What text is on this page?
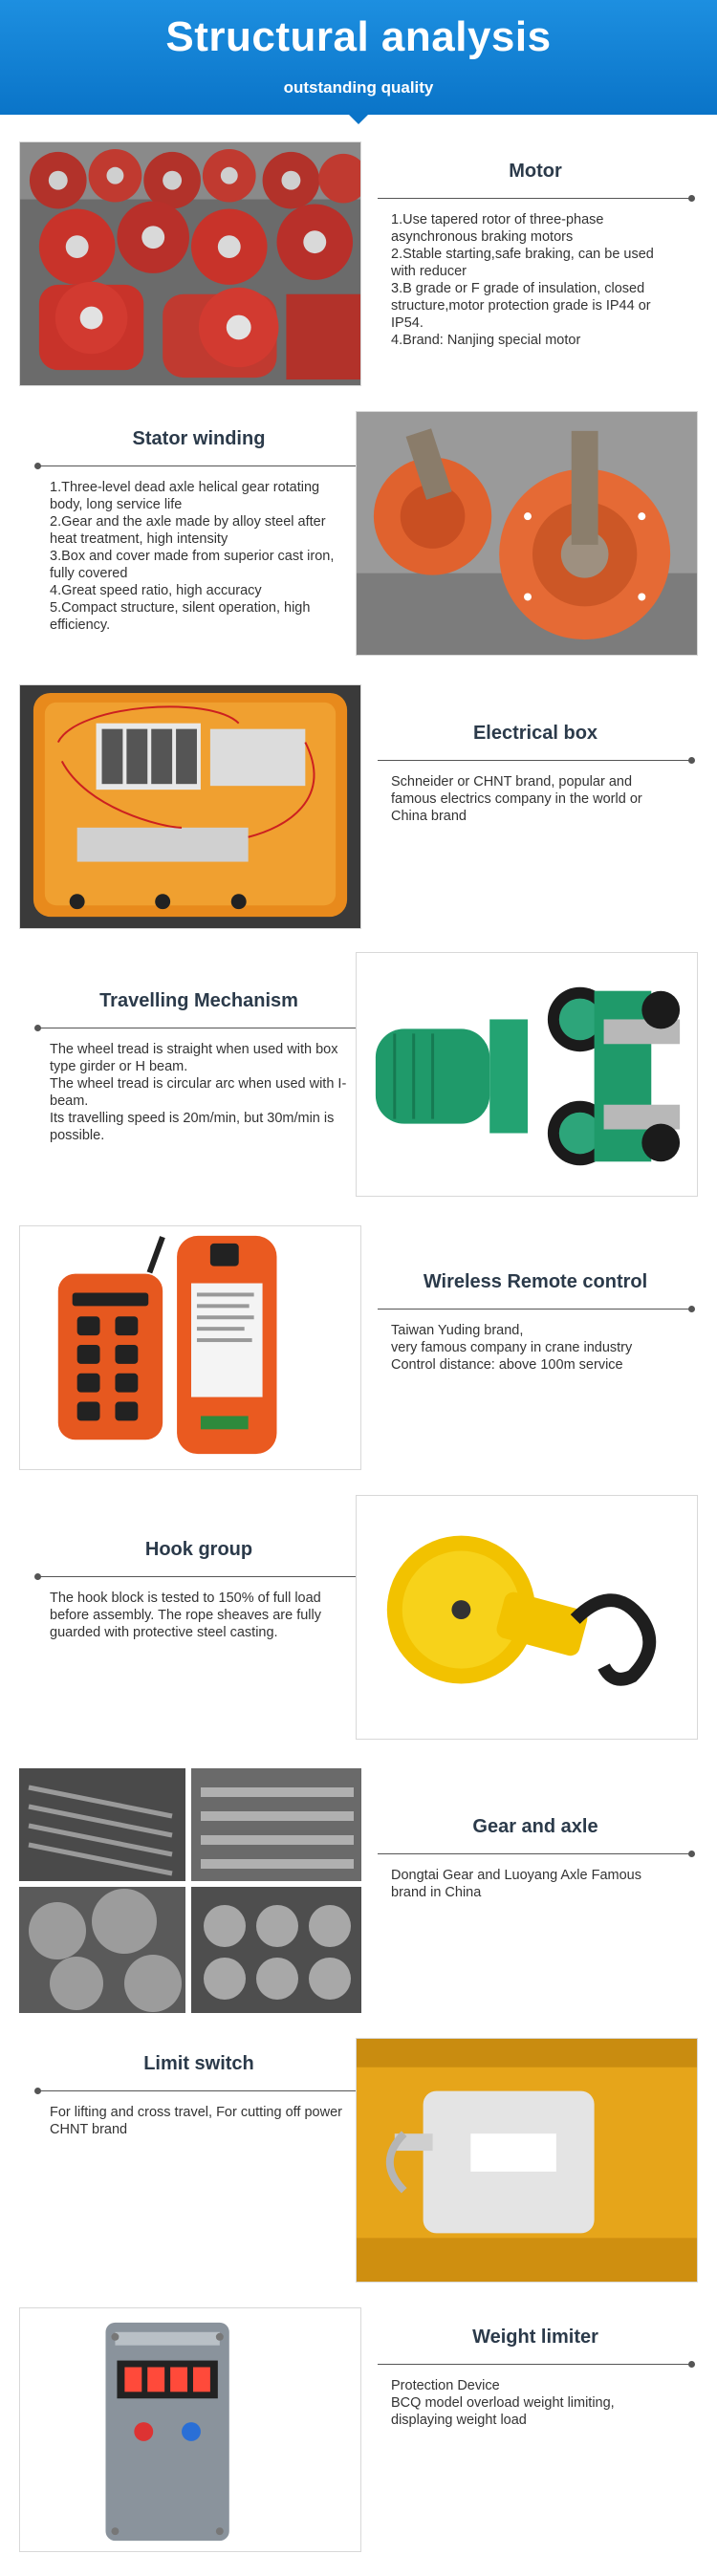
Structural analysis
outstanding quality
Motor
1.Use tapered rotor of three-phase asynchronous braking motors
2.Stable starting,safe braking, can be used with reducer
3.B grade or F grade of insulation, closed structure,motor protection grade is IP44 or IP54.
4.Brand: Nanjing special motor
Stator winding
1.Three-level dead axle helical gear rotating body, long service life
2.Gear and the axle made by alloy steel after heat treatment, high intensity
3.Box and cover made from superior cast iron, fully covered
4.Great speed ratio, high accuracy
5.Compact structure, silent operation, high efficiency.
Electrical box

Schneider or CHNT brand, popular and famous electrics company in the world or China brand

Travelling Mechanism

The wheel tread is straight when used with box type girder or H beam.

The wheel tread is circular arc when used with I-beam.

Its travelling speed is 20m/min, but 30m/min is possible.

Wireless Remote control

Taiwan Yuding brand,

very famous company in crane industry

Control distance: above 100m service

Hook group

The hook block is tested to 150% of full load before assembly. The rope sheaves are fully guarded with protective steel casting.

Gear and axle

Dongtai Gear and Luoyang Axle Famous brand in China

Limit switch

For lifting and cross travel, For cutting off power CHNT brand

Weight limiter

Protection Device

BCQ model overload weight limiting, displaying weight load
